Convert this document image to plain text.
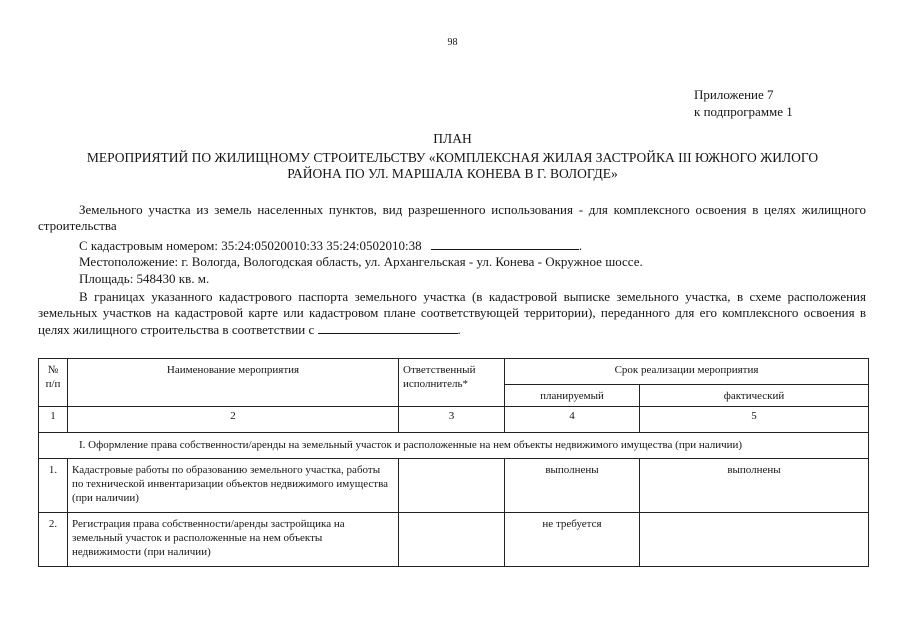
98
Приложение 7
к подпрограмме 1
ПЛАН
МЕРОПРИЯТИЙ ПО ЖИЛИЩНОМУ СТРОИТЕЛЬСТВУ «КОМПЛЕКСНАЯ ЖИЛАЯ ЗАСТРОЙКА III ЮЖНОГО ЖИЛОГО
РАЙОНА ПО УЛ. МАРШАЛА КОНЕВА В Г. ВОЛОГДЕ»
Земельного участка из земель населенных пунктов, вид разрешенного использования - для комплексного освоения в целях жилищного строительства
С кадастровым номером: 35:24:05020010:33 35:24:0502010:38	.
Местоположение: г. Вологда, Вологодская область, ул. Архангельская - ул. Конева - Окружное шоссе.
Площадь: 548430 кв. м.
В границах указанного кадастрового паспорта земельного участка (в кадастровой выписке земельного участка, в схеме расположения земельных участков на кадастровой карте или кадастровом плане соответствующей территории), переданного для его комплексного освоения в целях жилищного строительства в соответствии с	.
№ п/п	Наименование мероприятия	Ответственный исполнитель*	Срок реализации мероприятия	
			планируемый	фактический
1	2	3	4	5
I. Оформление права собственности/аренды на земельный участок и расположенные на нем объекты недвижимого имущества (при наличии)				
1.	Кадастровые работы по образованию земельного участка, работы по технической инвентаризации объектов недвижимого имущества (при наличии)		выполнены	выполнены
2.	Регистрация права собственности/аренды застройщика на земельный участок и расположенные на нем объекты недвижимости (при наличии)		не требуется	
